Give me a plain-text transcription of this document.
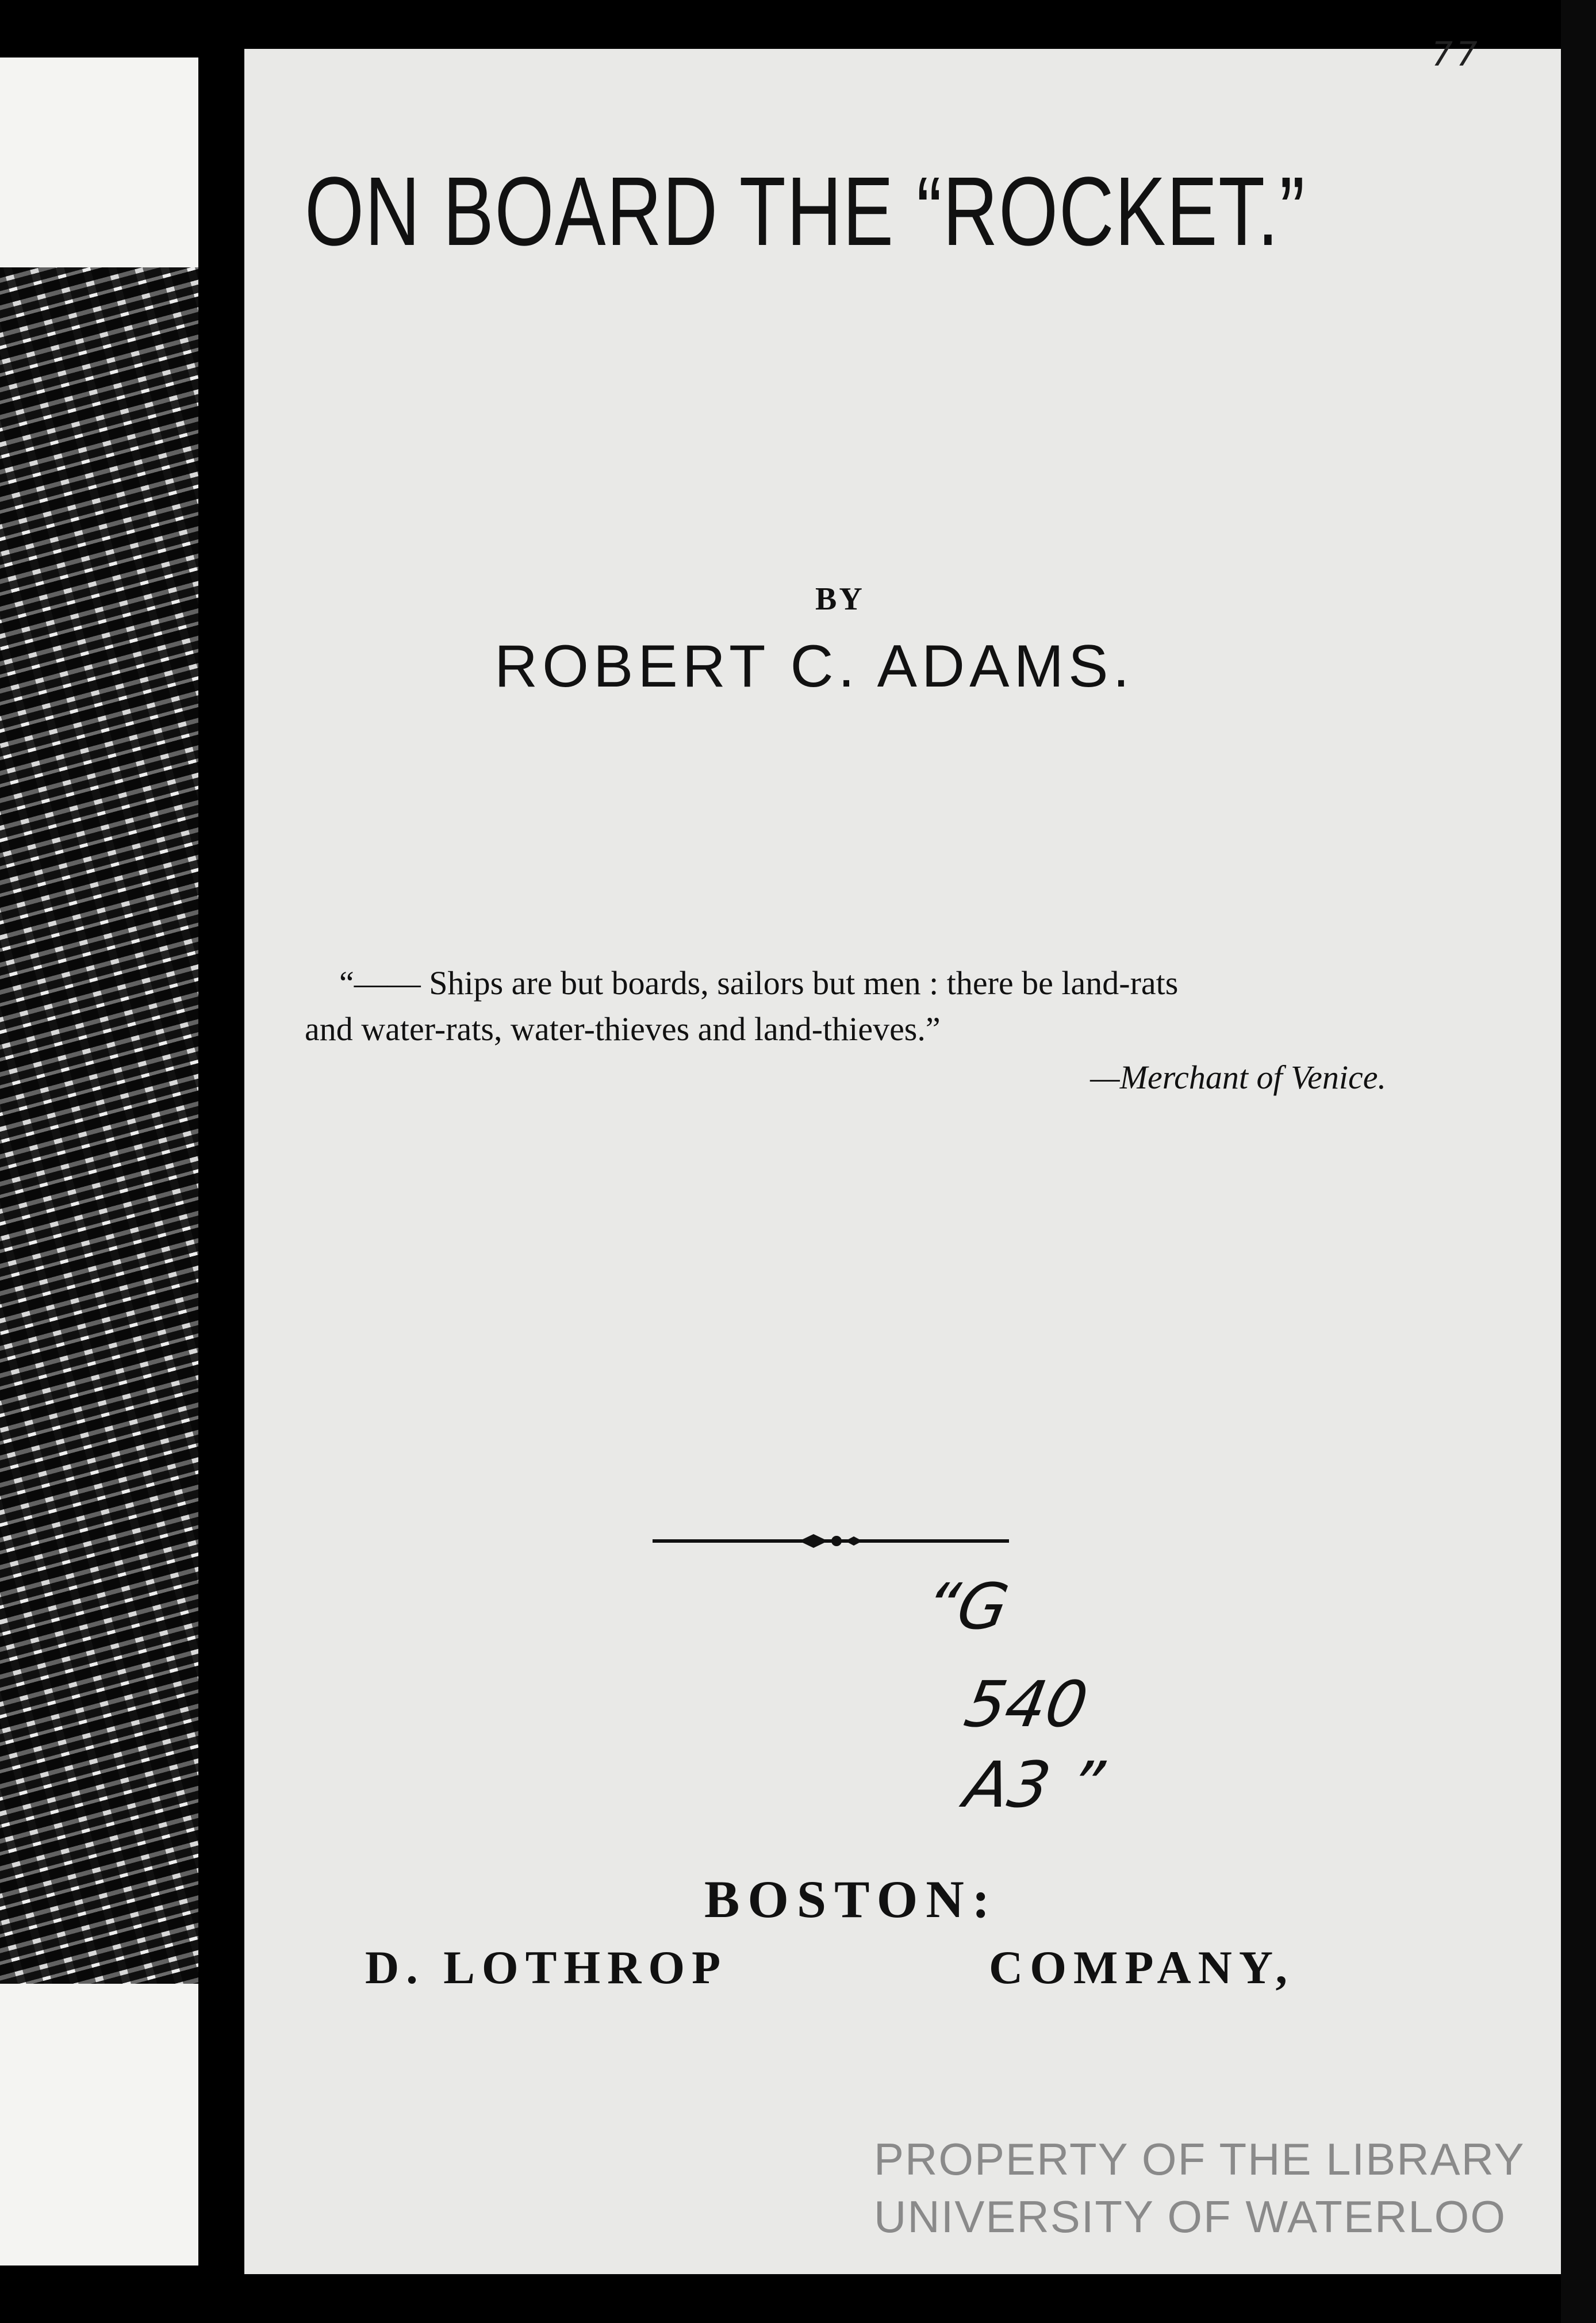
77
ON BOARD THE “ROCKET.”
BY
ROBERT C. ADAMS.
“—— Ships are but boards, sailors but men : there be land-rats
and water-rats, water-thieves and land-thieves.”
—Merchant of Venice.
“G
540
A3 ”
BOSTON:
D. LOTHROP	COMPANY,
PROPERTY OF THE LIBRARY
UNIVERSITY OF WATERLOO
